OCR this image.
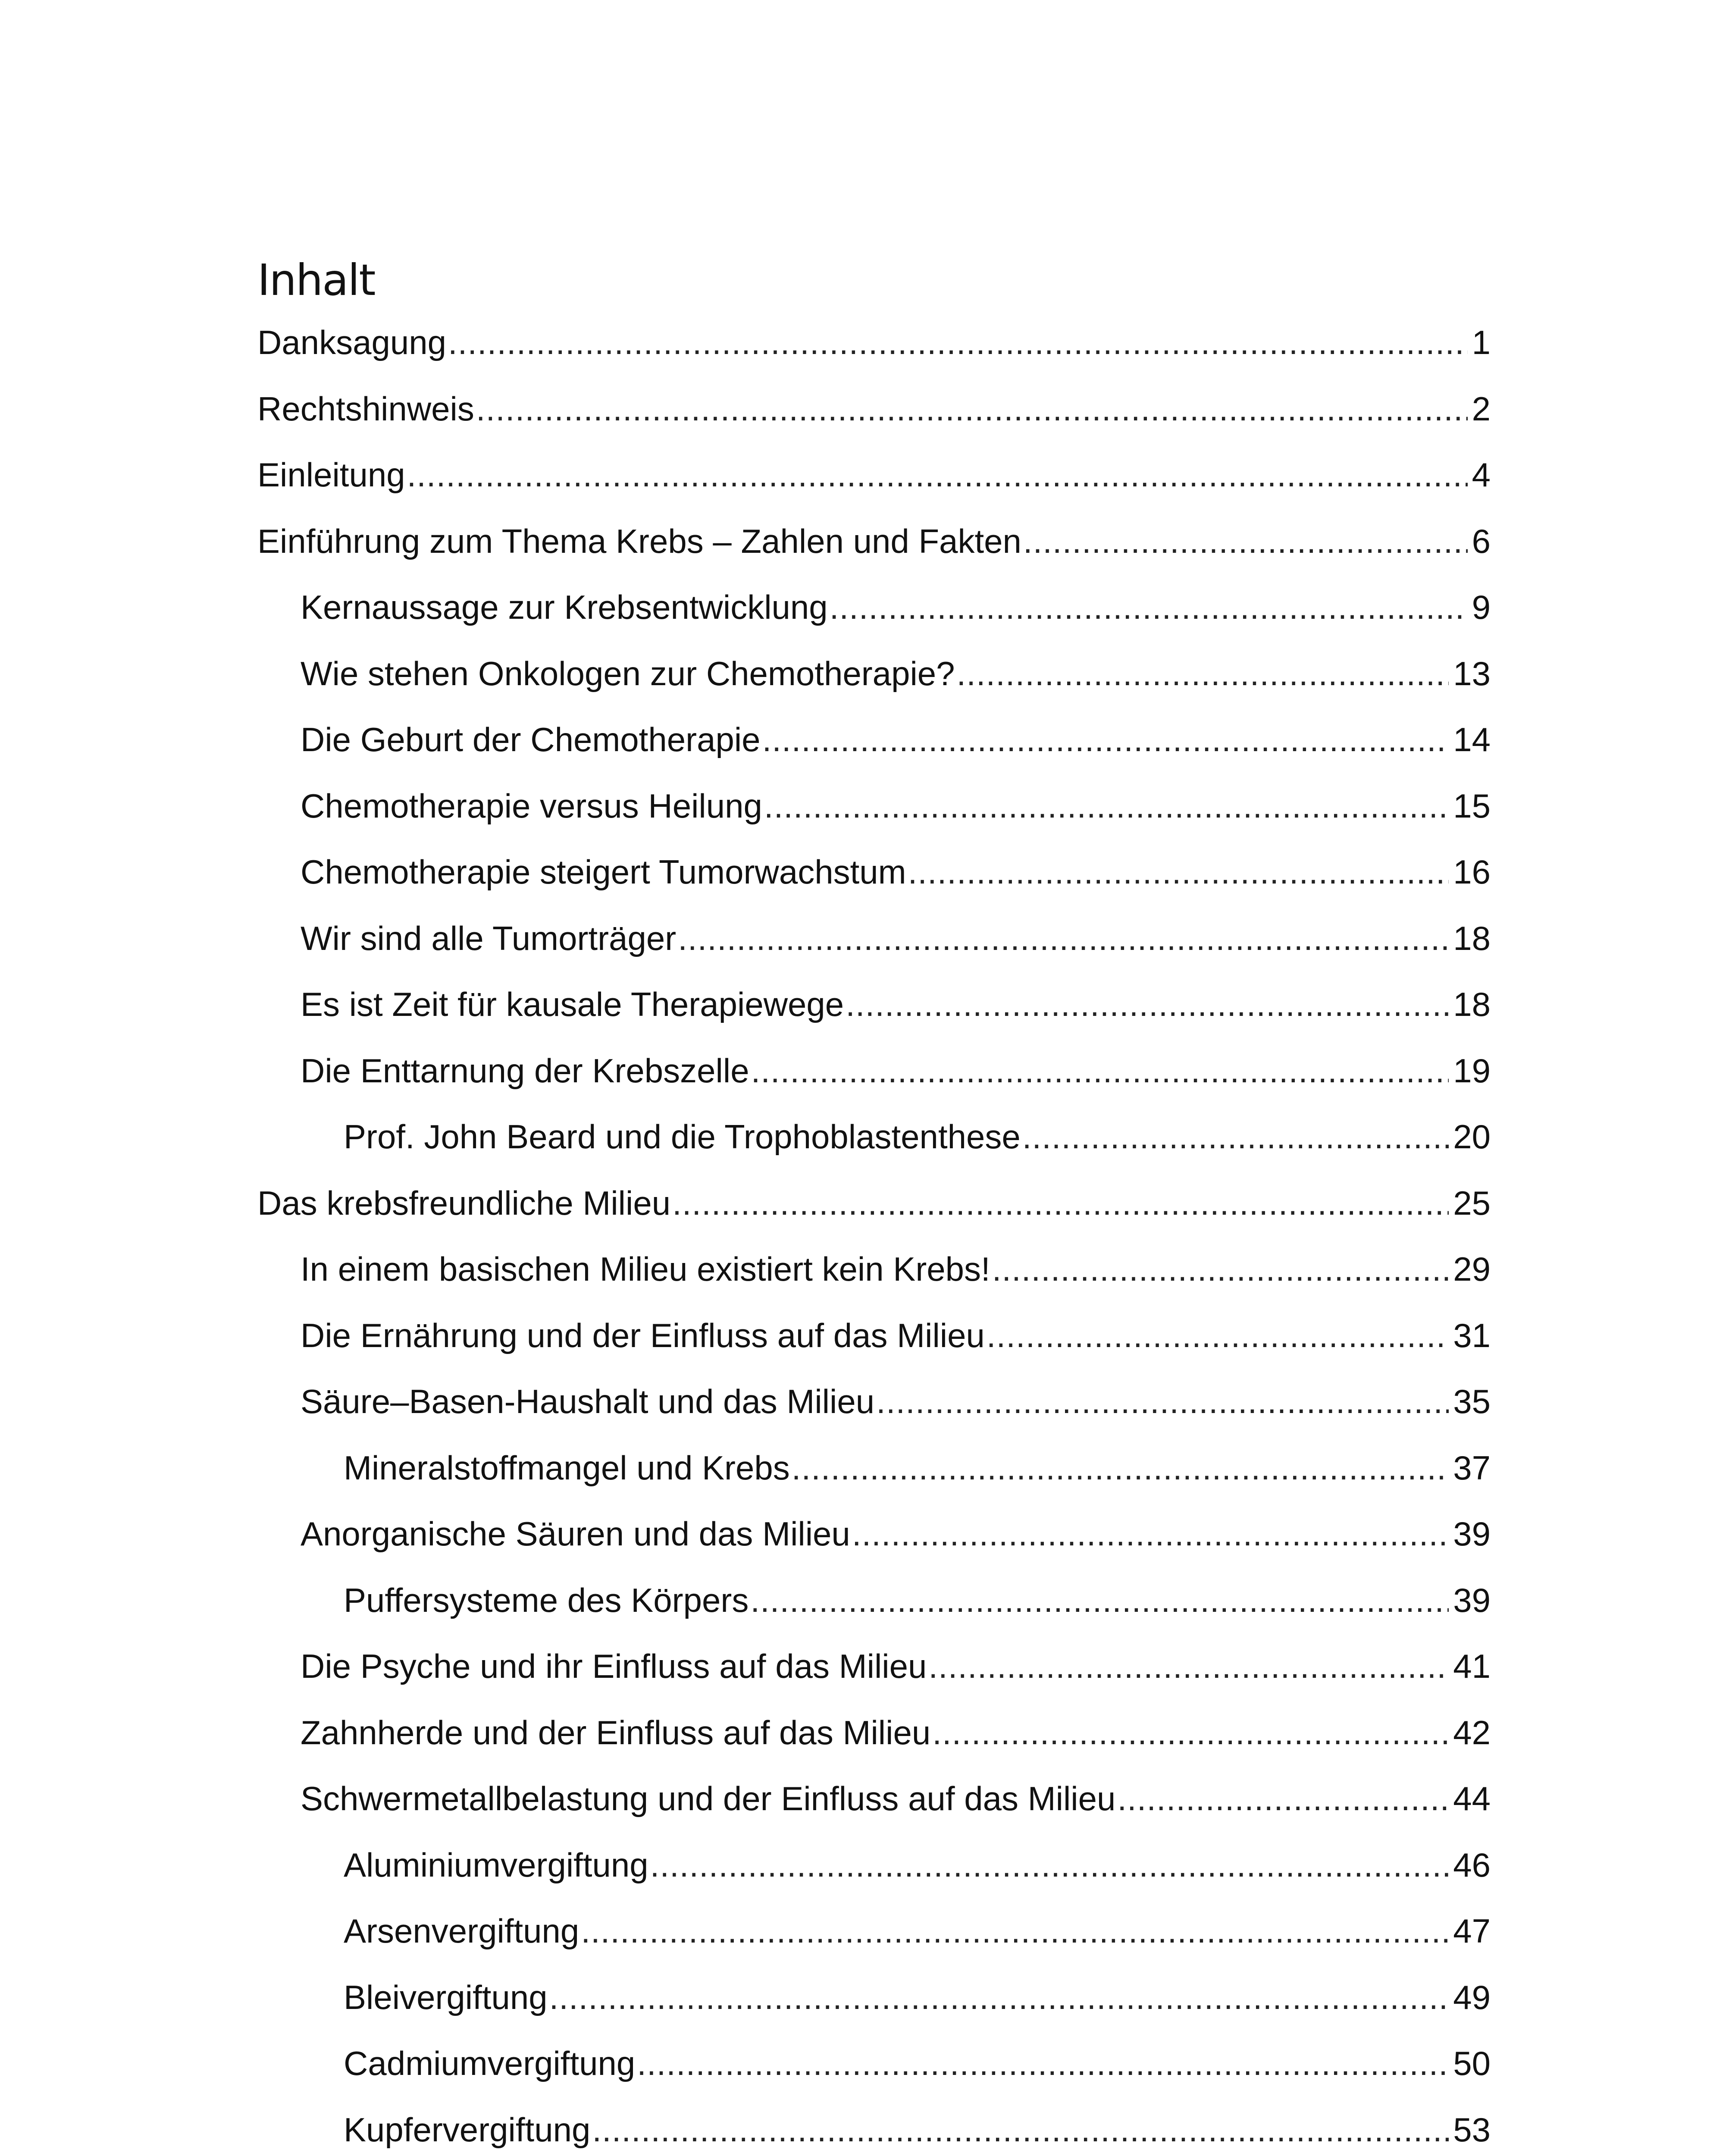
Inhalt
Danksagung .....	1
Rechtshinweis .....	2
Einleitung .....	4
Einführung zum Thema Krebs – Zahlen und Fakten .....	6
Kernaussage zur Krebsentwicklung .....	9
Wie stehen Onkologen zur Chemotherapie? .....	13
Die Geburt der Chemotherapie .....	14
Chemotherapie versus Heilung .....	15
Chemotherapie steigert Tumorwachstum .....	16
Wir sind alle Tumorträger .....	18
Es ist Zeit für kausale Therapiewege .....	18
Die Enttarnung der Krebszelle .....	19
Prof. John Beard und die Trophoblastenthese .....	20
Das krebsfreundliche Milieu .....	25
In einem basischen Milieu existiert kein Krebs! .....	29
Die Ernährung und der Einfluss auf das Milieu .....	31
Säure–Basen-Haushalt und das Milieu .....	35
Mineralstoffmangel und Krebs .....	37
Anorganische Säuren und das Milieu .....	39
Puffersysteme des Körpers .....	39
Die Psyche und ihr Einfluss auf das Milieu .....	41
Zahnherde und der Einfluss auf das Milieu .....	42
Schwermetallbelastung und der Einfluss auf das Milieu .....	44
Aluminiumvergiftung .....	46
Arsenvergiftung .....	47
Bleivergiftung .....	49
Cadmiumvergiftung .....	50
Kupfervergiftung .....	53
